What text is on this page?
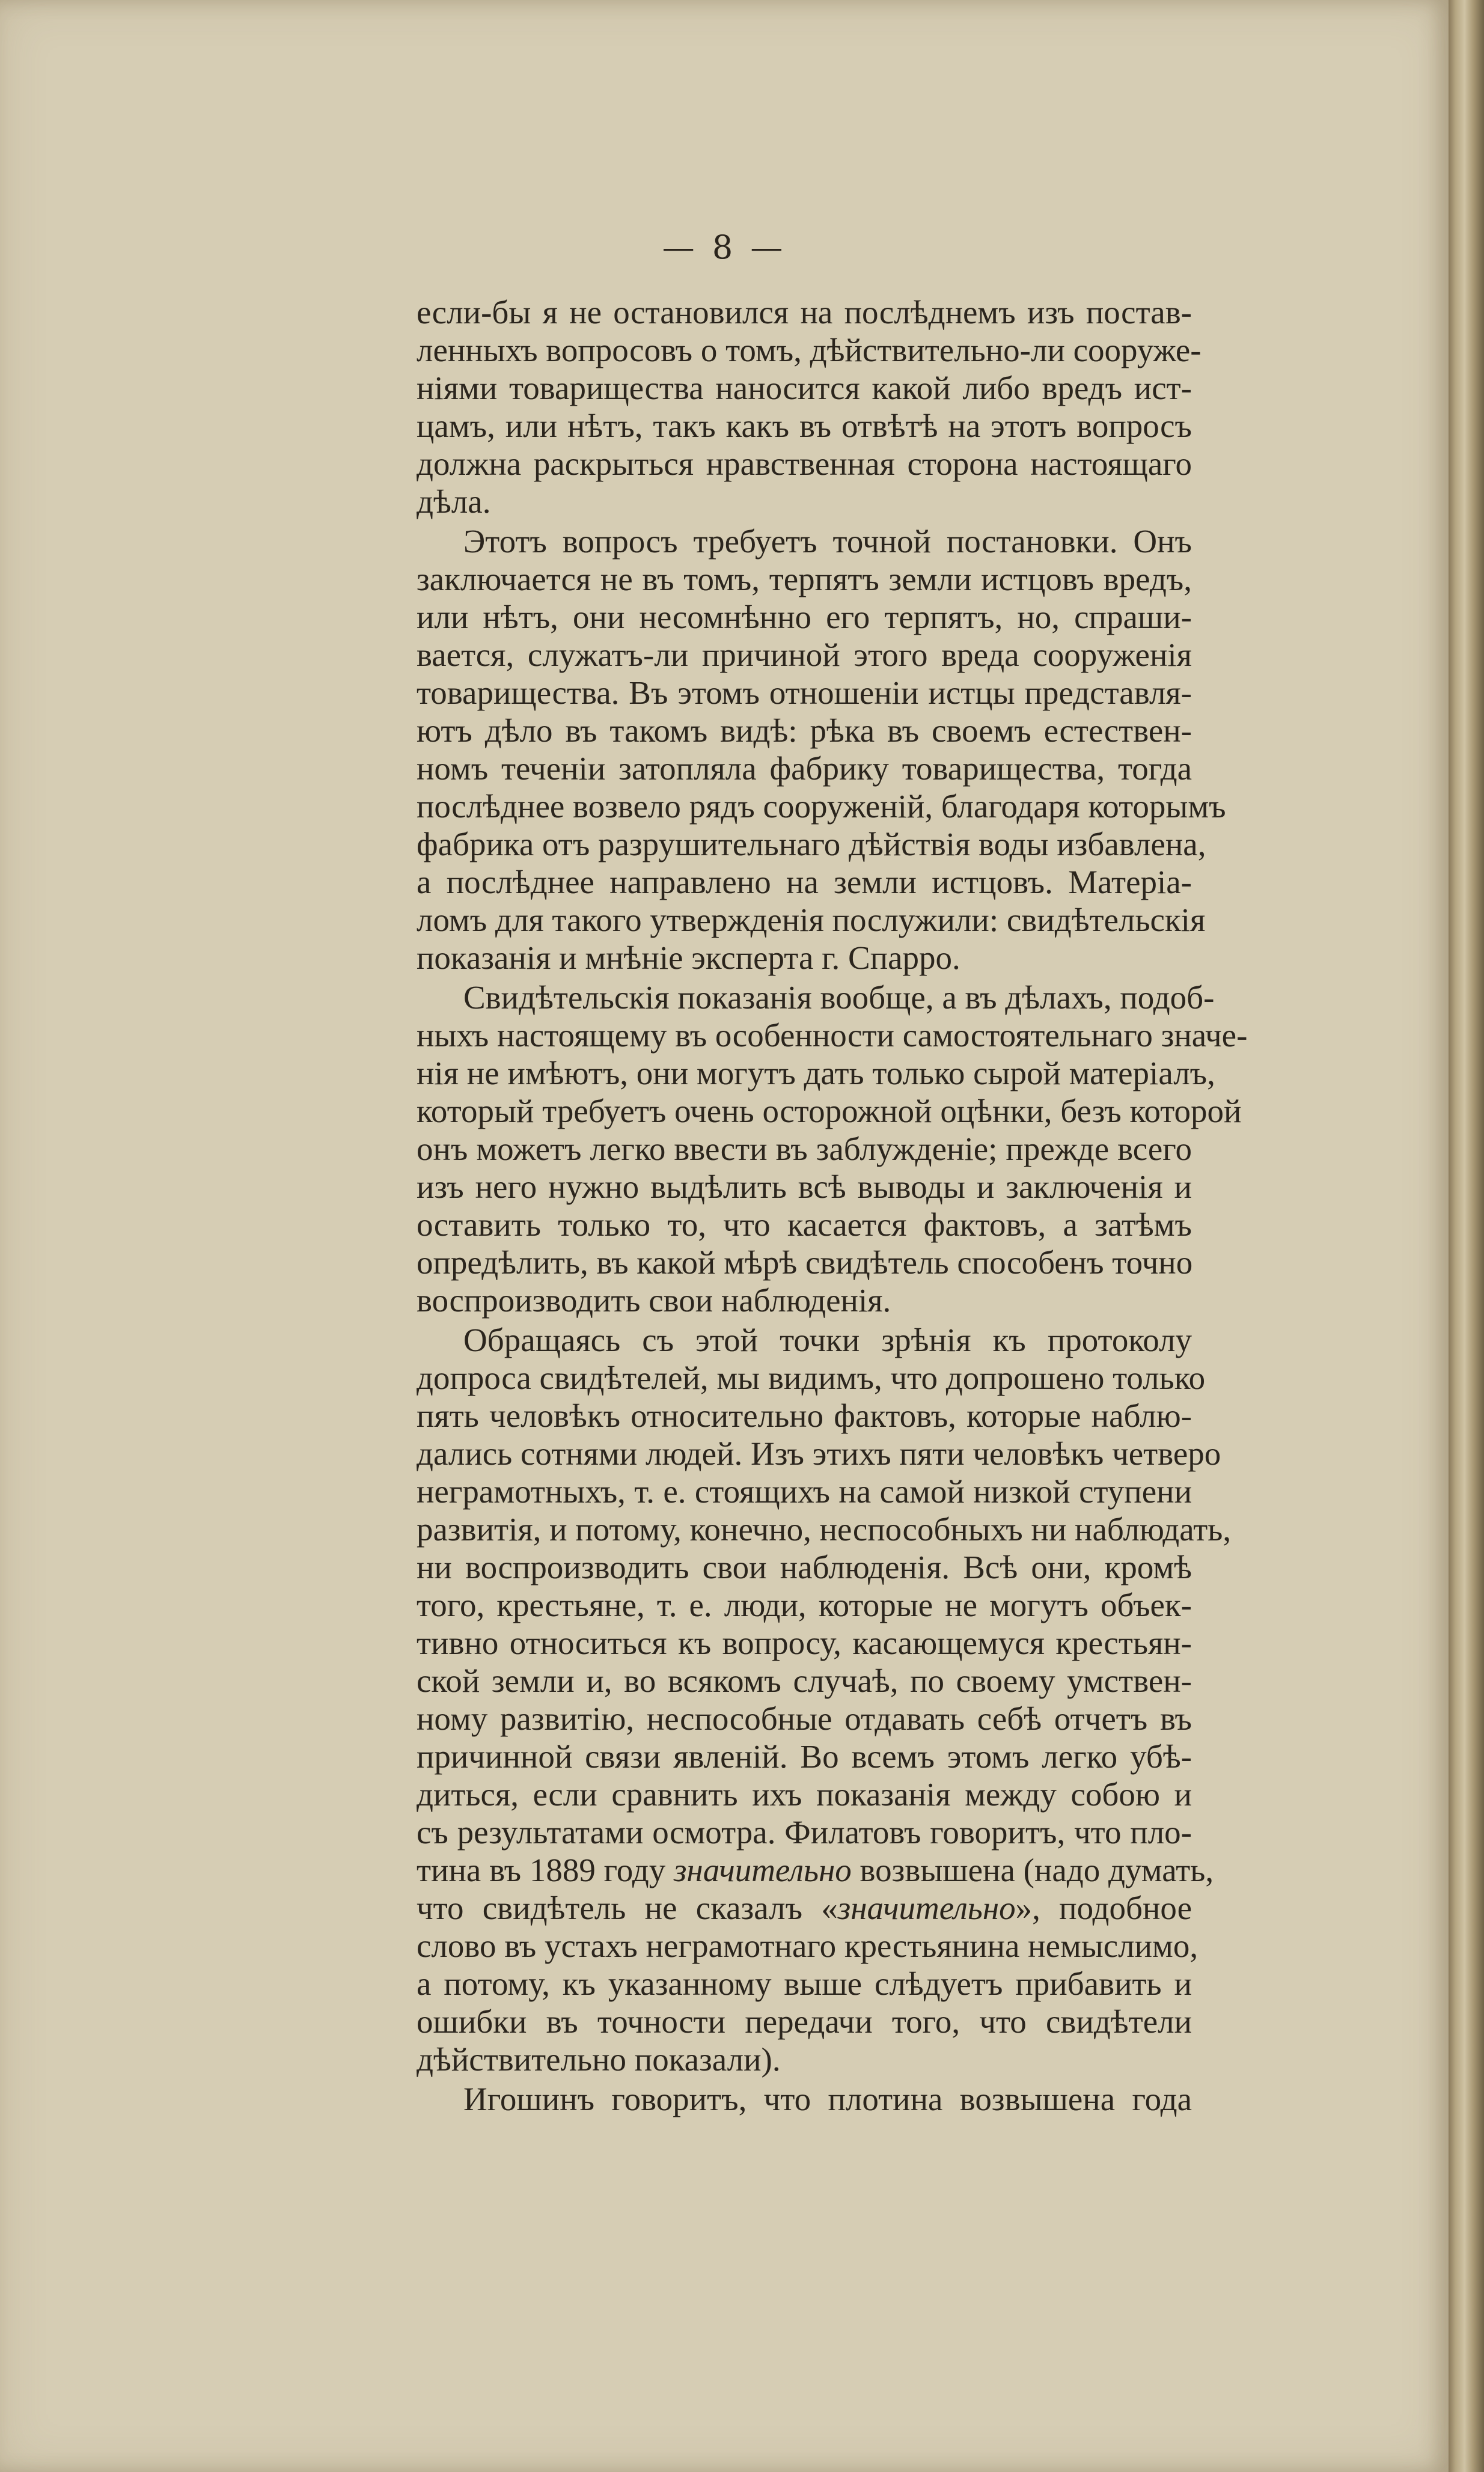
— 8 —
если-бы я не остановился на послѣднемъ изъ постав-
ленныхъ вопросовъ о томъ, дѣйствительно-ли сооруже-
ніями товарищества наносится какой либо вредъ ист-
цамъ, или нѣтъ, такъ какъ въ отвѣтѣ на этотъ вопросъ
должна раскрыться нравственная сторона настоящаго
дѣла.
Этотъ вопросъ требуетъ точной постановки. Онъ
заключается не въ томъ, терпятъ земли истцовъ вредъ,
или нѣтъ, они несомнѣнно его терпятъ, но, спраши-
вается, служатъ-ли причиной этого вреда сооруженія
товарищества. Въ этомъ отношеніи истцы представля-
ютъ дѣло въ такомъ видѣ: рѣка въ своемъ естествен-
номъ теченіи затопляла фабрику товарищества, тогда
послѣднее возвело рядъ сооруженій, благодаря которымъ
фабрика отъ разрушительнаго дѣйствія воды избавлена,
а послѣднее направлено на земли истцовъ. Матеріа-
ломъ для такого утвержденія послужили: свидѣтельскія
показанія и мнѣніе эксперта г. Спарро.
Свидѣтельскія показанія вообще, а въ дѣлахъ, подоб-
ныхъ настоящему въ особенности самостоятельнаго значе-
нія не имѣютъ, они могутъ дать только сырой матеріалъ,
который требуетъ очень осторожной оцѣнки, безъ которой
онъ можетъ легко ввести въ заблужденіе; прежде всего
изъ него нужно выдѣлить всѣ выводы и заключенія и
оставить только то, что касается фактовъ, а затѣмъ
опредѣлить, въ какой мѣрѣ свидѣтель способенъ точно
воспроизводить свои наблюденія.
Обращаясь съ этой точки зрѣнія къ протоколу
допроса свидѣтелей, мы видимъ, что допрошено только
пять человѣкъ относительно фактовъ, которые наблю-
дались сотнями людей. Изъ этихъ пяти человѣкъ четверо
неграмотныхъ, т. е. стоящихъ на самой низкой ступени
развитія, и потому, конечно, неспособныхъ ни наблюдать,
ни воспроизводить свои наблюденія. Всѣ они, кромѣ
того, крестьяне, т. е. люди, которые не могутъ объек-
тивно относиться къ вопросу, касающемуся крестьян-
ской земли и, во всякомъ случаѣ, по своему умствен-
ному развитію, неспособные отдавать себѣ отчетъ въ
причинной связи явленій. Во всемъ этомъ легко убѣ-
диться, если сравнить ихъ показанія между собою и
съ результатами осмотра. Филатовъ говоритъ, что пло-
тина въ 1889 году значительно возвышена (надо думать,
что свидѣтель не сказалъ «значительно», подобное
слово въ устахъ неграмотнаго крестьянина немыслимо,
а потому, къ указанному выше слѣдуетъ прибавить и
ошибки въ точности передачи того, что свидѣтели
дѣйствительно показали).
Игошинъ говоритъ, что плотина возвышена года
